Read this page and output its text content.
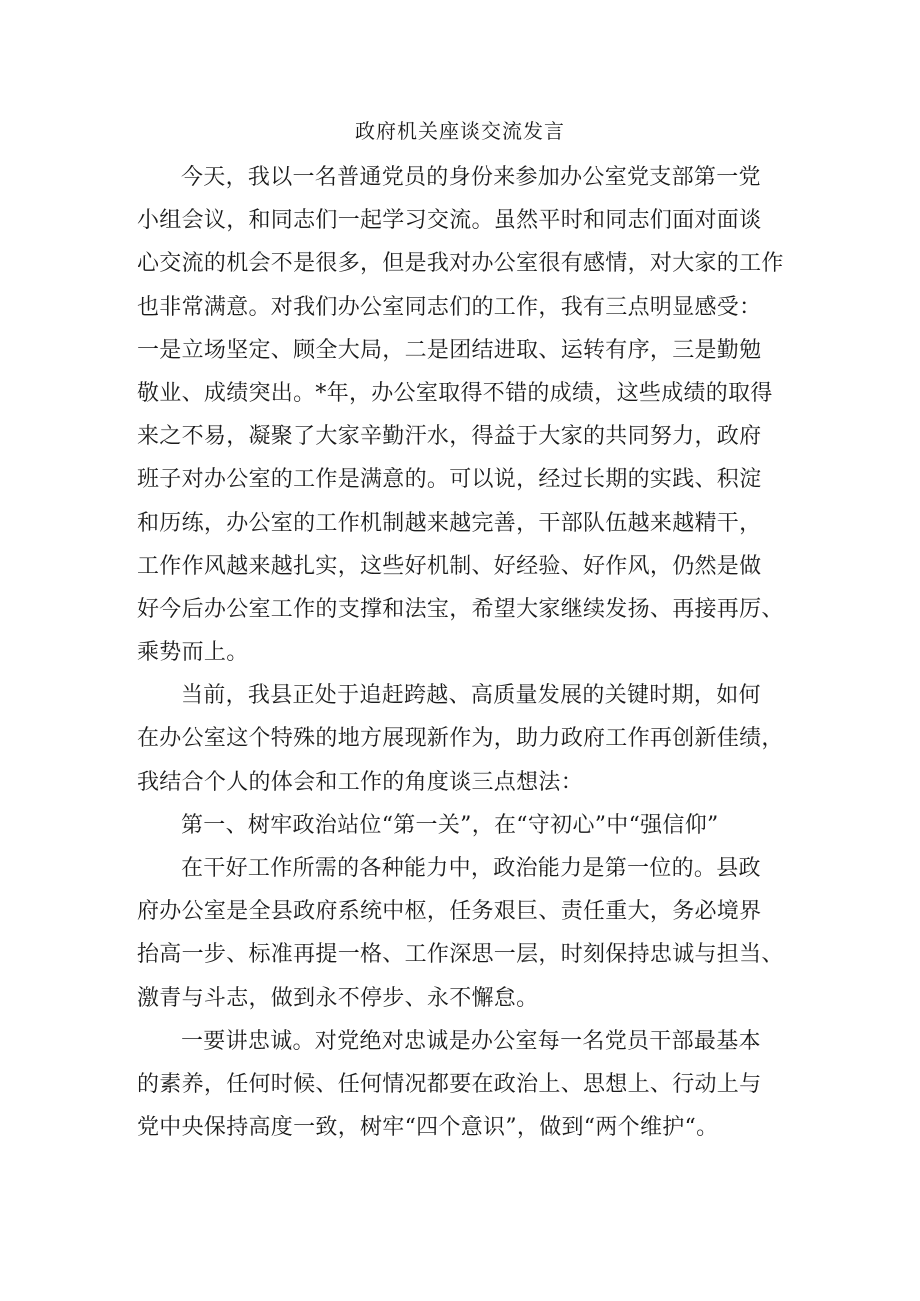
政府机关座谈交流发言
今天，我以一名普通党员的身份来参加办公室党支部第一党
小组会议，和同志们一起学习交流。虽然平时和同志们面对面谈
心交流的机会不是很多，但是我对办公室很有感情，对大家的工作
也非常满意。对我们办公室同志们的工作，我有三点明显感受：
一是立场坚定、顾全大局，二是团结进取、运转有序，三是勤勉
敬业、成绩突出。*年，办公室取得不错的成绩，这些成绩的取得
来之不易，凝聚了大家辛勤汗水，得益于大家的共同努力，政府
班子对办公室的工作是满意的。可以说，经过长期的实践、积淀
和历练，办公室的工作机制越来越完善，干部队伍越来越精干，
工作作风越来越扎实，这些好机制、好经验、好作风，仍然是做
好今后办公室工作的支撑和法宝，希望大家继续发扬、再接再厉、
乘势而上。
当前，我县正处于追赶跨越、高质量发展的关键时期，如何
在办公室这个特殊的地方展现新作为，助力政府工作再创新佳绩，
我结合个人的体会和工作的角度谈三点想法：
第一、树牢政治站位“第一关”，在“守初心”中“强信仰”
在干好工作所需的各种能力中，政治能力是第一位的。县政
府办公室是全县政府系统中枢，任务艰巨、责任重大，务必境界
抬高一步、标准再提一格、工作深思一层，时刻保持忠诚与担当、
激青与斗志，做到永不停步、永不懈怠。
一要讲忠诚。对党绝对忠诚是办公室每一名党员干部最基本
的素养，任何时候、任何情况都要在政治上、思想上、行动上与
党中央保持高度一致，树牢“四个意识”，做到“两个维护“。
